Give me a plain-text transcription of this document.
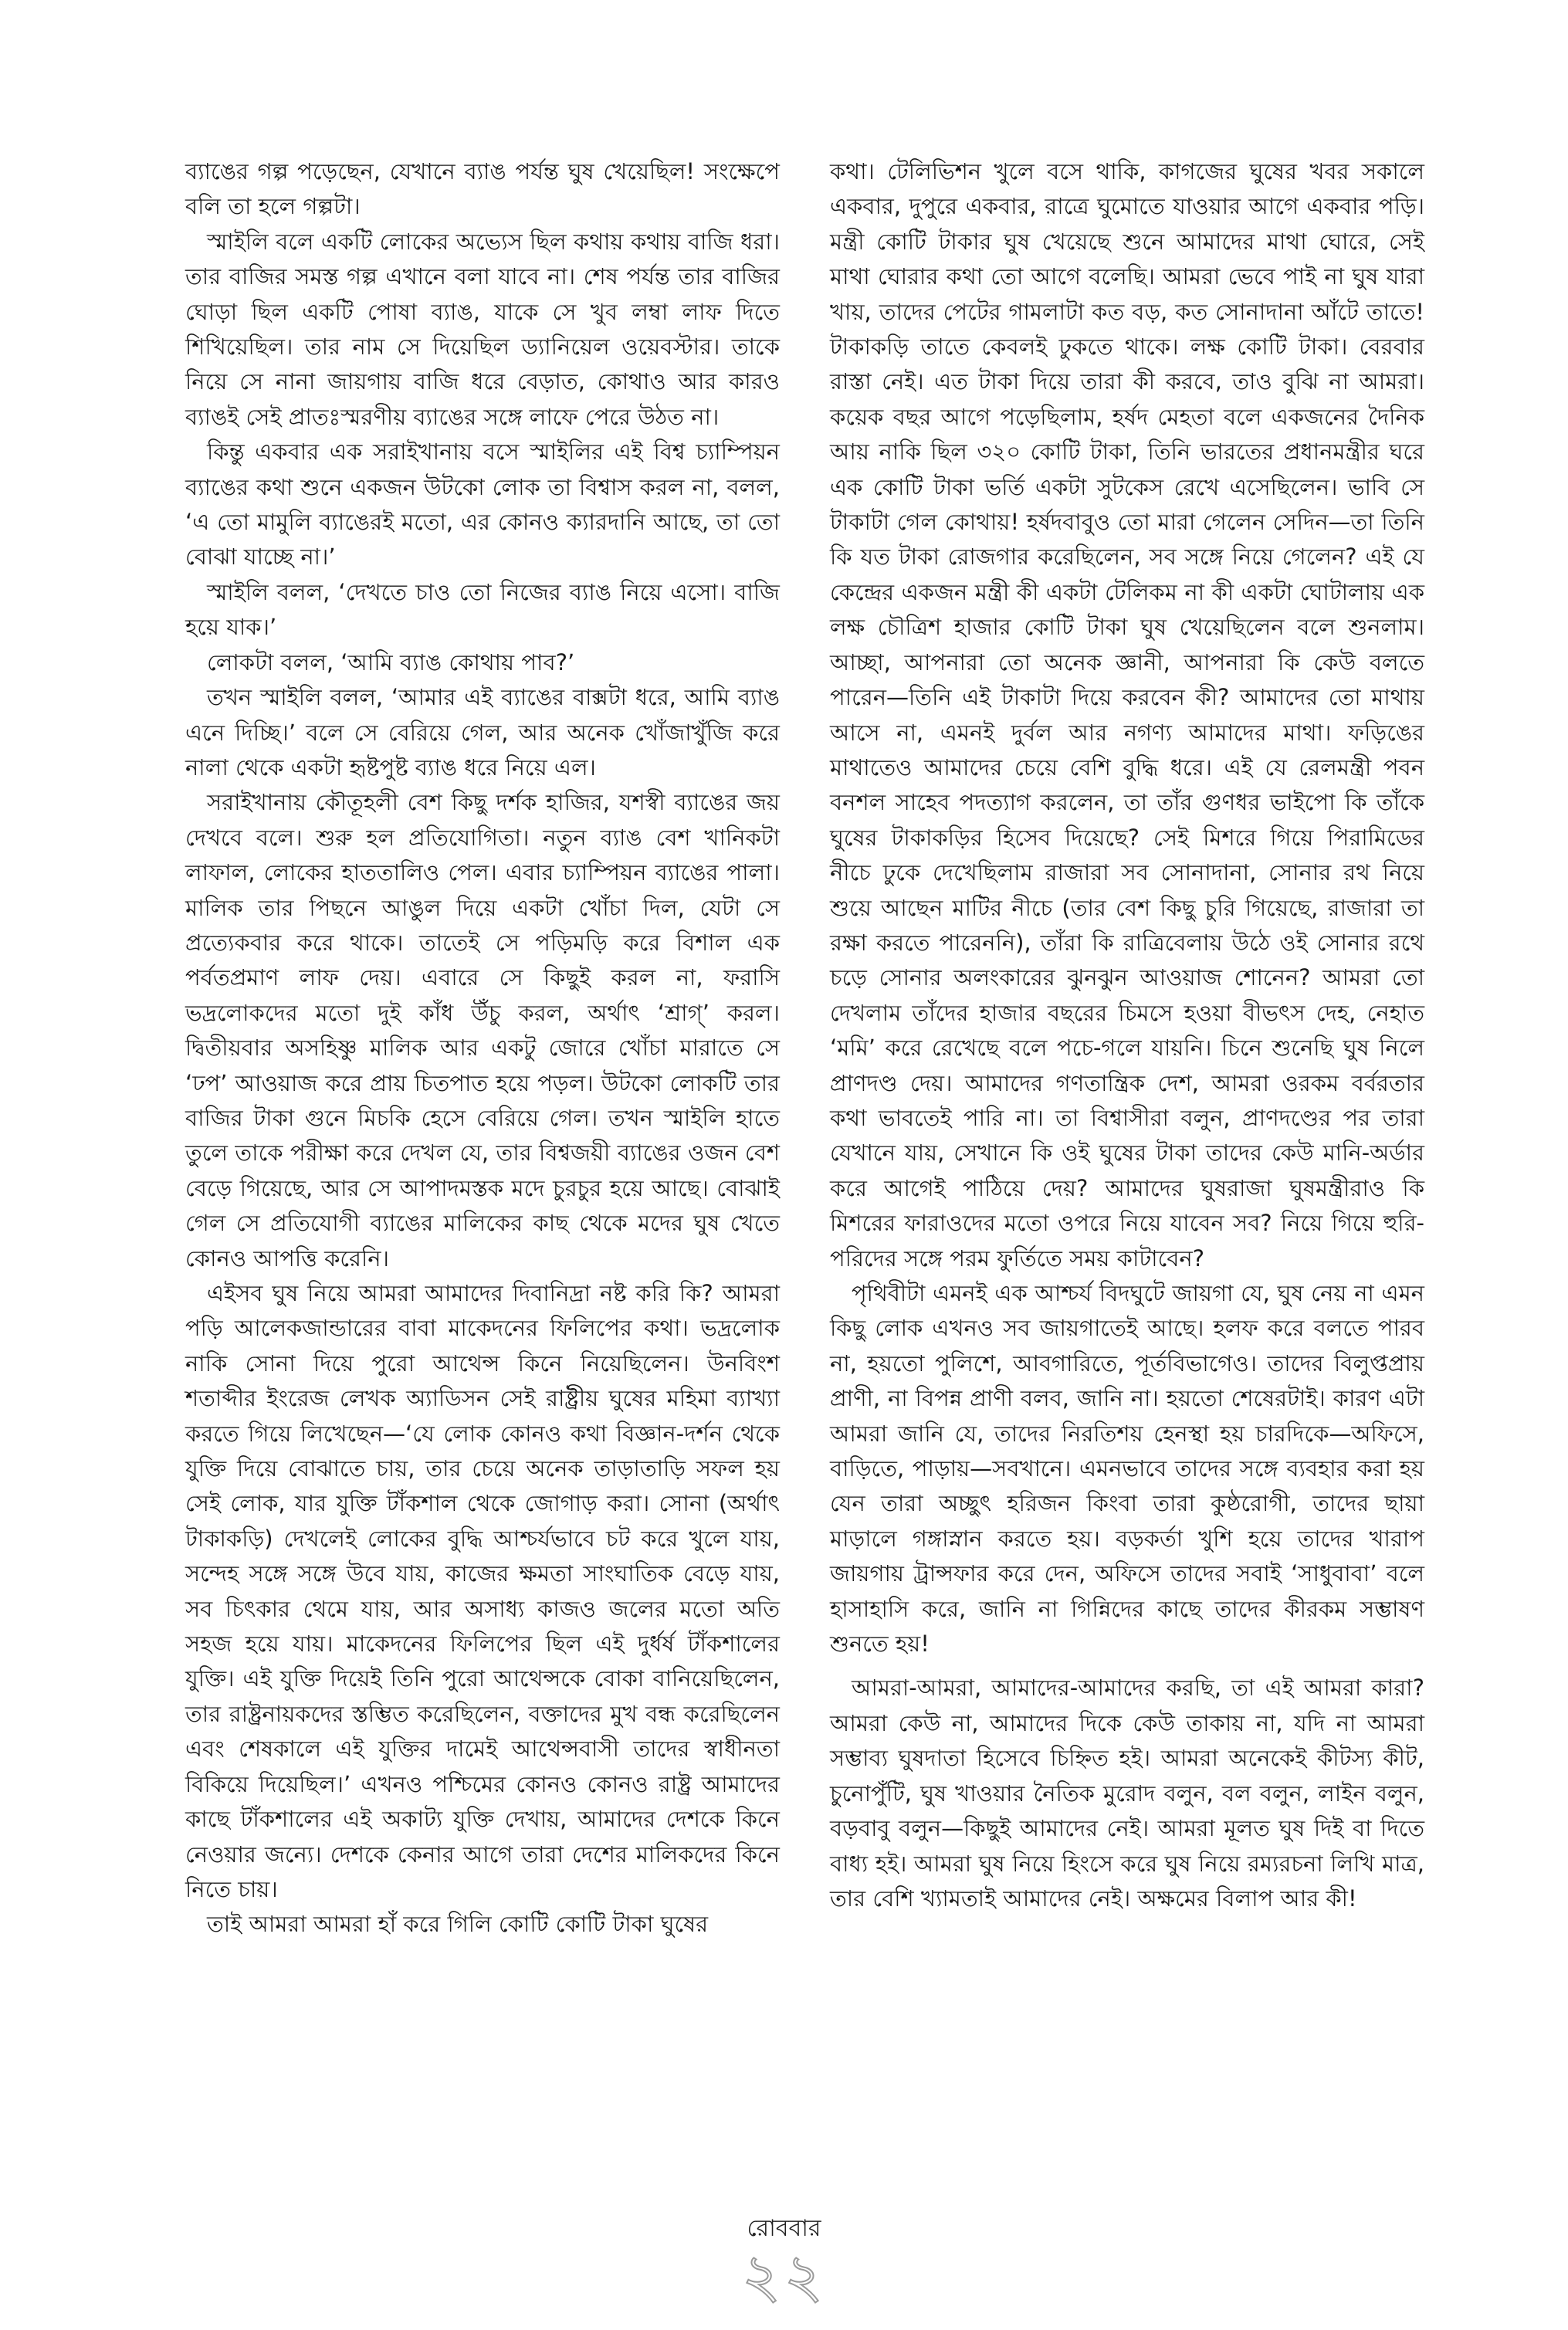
ব্যাঙের গল্প পড়েছেন, যেখানে ব্যাঙ পর্যন্ত ঘুষ খেয়েছিল! সংক্ষেপে বলি তা হলে গল্পটা।

স্মাইলি বলে একটি লোকের অভ্যেস ছিল কথায় কথায় বাজি ধরা। তার বাজির সমস্ত গল্প এখানে বলা যাবে না। শেষ পর্যন্ত তার বাজির ঘোড়া ছিল একটি পোষা ব্যাঙ, যাকে সে খুব লম্বা লাফ দিতে শিখিয়েছিল। তার নাম সে দিয়েছিল ড্যানিয়েল ওয়েবস্টার। তাকে নিয়ে সে নানা জায়গায় বাজি ধরে বেড়াত, কোথাও আর কারও ব্যাঙই সেই প্রাতঃস্মরণীয় ব্যাঙের সঙ্গে লাফে পেরে উঠত না।

কিন্তু একবার এক সরাইখানায় বসে স্মাইলির এই বিশ্ব চ্যাম্পিয়ন ব্যাঙের কথা শুনে একজন উটকো লোক তা বিশ্বাস করল না, বলল, ‘এ তো মামুলি ব্যাঙেরই মতো, এর কোনও ক্যারদানি আছে, তা তো বোঝা যাচ্ছে না।’

স্মাইলি বলল, ‘দেখতে চাও তো নিজের ব্যাঙ নিয়ে এসো। বাজি হয়ে যাক।’

লোকটা বলল, ‘আমি ব্যাঙ কোথায় পাব?’

তখন স্মাইলি বলল, ‘আমার এই ব্যাঙের বাক্সটা ধরে, আমি ব্যাঙ এনে দিচ্ছি।’ বলে সে বেরিয়ে গেল, আর অনেক খোঁজাখুঁজি করে নালা থেকে একটা হৃষ্টপুষ্ট ব্যাঙ ধরে নিয়ে এল।

সরাইখানায় কৌতূহলী বেশ কিছু দর্শক হাজির, যশস্বী ব্যাঙের জয় দেখবে বলে। শুরু হল প্রতিযোগিতা। নতুন ব্যাঙ বেশ খানিকটা লাফাল, লোকের হাততালিও পেল। এবার চ্যাম্পিয়ন ব্যাঙের পালা। মালিক তার পিছনে আঙুল দিয়ে একটা খোঁচা দিল, যেটা সে প্রত্যেকবার করে থাকে। তাতেই সে পড়িমড়ি করে বিশাল এক পর্বতপ্রমাণ লাফ দেয়। এবারে সে কিছুই করল না, ফরাসি ভদ্রলোকদের মতো দুই কাঁধ উঁচু করল, অর্থাৎ ‘শ্রাগ্’ করল। দ্বিতীয়বার অসহিষ্ণু মালিক আর একটু জোরে খোঁচা মারাতে সে ‘ঢপ’ আওয়াজ করে প্রায় চিতপাত হয়ে পড়ল। উটকো লোকটি তার বাজির টাকা গুনে মিচকি হেসে বেরিয়ে গেল। তখন স্মাইলি হাতে তুলে তাকে পরীক্ষা করে দেখল যে, তার বিশ্বজয়ী ব্যাঙের ওজন বেশ বেড়ে গিয়েছে, আর সে আপাদমস্তক মদে চুরচুর হয়ে আছে। বোঝাই গেল সে প্রতিযোগী ব্যাঙের মালিকের কাছ থেকে মদের ঘুষ খেতে কোনও আপত্তি করেনি।

এইসব ঘুষ নিয়ে আমরা আমাদের দিবানিদ্রা নষ্ট করি কি? আমরা পড়ি আলেকজান্ডারের বাবা মাকেদনের ফিলিপের কথা। ভদ্রলোক নাকি সোনা দিয়ে পুরো আথেন্স কিনে নিয়েছিলেন। উনবিংশ শতাব্দীর ইংরেজ লেখক অ্যাডিসন সেই রাষ্ট্রীয় ঘুষের মহিমা ব্যাখ্যা করতে গিয়ে লিখেছেন—‘যে লোক কোনও কথা বিজ্ঞান-দর্শন থেকে যুক্তি দিয়ে বোঝাতে চায়, তার চেয়ে অনেক তাড়াতাড়ি সফল হয় সেই লোক, যার যুক্তি টাঁকশাল থেকে জোগাড় করা। সোনা (অর্থাৎ টাকাকড়ি) দেখলেই লোকের বুদ্ধি আশ্চর্যভাবে চট করে খুলে যায়, সন্দেহ সঙ্গে সঙ্গে উবে যায়, কাজের ক্ষমতা সাংঘাতিক বেড়ে যায়, সব চিৎকার থেমে যায়, আর অসাধ্য কাজও জলের মতো অতি সহজ হয়ে যায়। মাকেদনের ফিলিপের ছিল এই দুর্ধর্ষ টাঁকশালের যুক্তি। এই যুক্তি দিয়েই তিনি পুরো আথেন্সকে বোকা বানিয়েছিলেন, তার রাষ্ট্রনায়কদের স্তম্ভিত করেছিলেন, বক্তাদের মুখ বন্ধ করেছিলেন এবং শেষকালে এই যুক্তির দামেই আথেন্সবাসী তাদের স্বাধীনতা বিকিয়ে দিয়েছিল।’ এখনও পশ্চিমের কোনও কোনও রাষ্ট্র আমাদের কাছে টাঁকশালের এই অকাট্য যুক্তি দেখায়, আমাদের দেশকে কিনে নেওয়ার জন্যে। দেশকে কেনার আগে তারা দেশের মালিকদের কিনে নিতে চায়।

তাই আমরা আমরা হাঁ করে গিলি কোটি কোটি টাকা ঘুষের

কথা। টেলিভিশন খুলে বসে থাকি, কাগজের ঘুষের খবর সকালে একবার, দুপুরে একবার, রাত্রে ঘুমোতে যাওয়ার আগে একবার পড়ি। মন্ত্রী কোটি টাকার ঘুষ খেয়েছে শুনে আমাদের মাথা ঘোরে, সেই মাথা ঘোরার কথা তো আগে বলেছি। আমরা ভেবে পাই না ঘুষ যারা খায়, তাদের পেটের গামলাটা কত বড়, কত সোনাদানা আঁটে তাতে! টাকাকড়ি তাতে কেবলই ঢুকতে থাকে। লক্ষ কোটি টাকা। বেরবার রাস্তা নেই। এত টাকা দিয়ে তারা কী করবে, তাও বুঝি না আমরা। কয়েক বছর আগে পড়েছিলাম, হর্ষদ মেহতা বলে একজনের দৈনিক আয় নাকি ছিল ৩২০ কোটি টাকা, তিনি ভারতের প্রধানমন্ত্রীর ঘরে এক কোটি টাকা ভর্তি একটা সুটকেস রেখে এসেছিলেন। ভাবি সে টাকাটা গেল কোথায়! হর্ষদবাবুও তো মারা গেলেন সেদিন—তা তিনি কি যত টাকা রোজগার করেছিলেন, সব সঙ্গে নিয়ে গেলেন? এই যে কেন্দ্রের একজন মন্ত্রী কী একটা টেলিকম না কী একটা ঘোটালায় এক লক্ষ চৌত্রিশ হাজার কোটি টাকা ঘুষ খেয়েছিলেন বলে শুনলাম। আচ্ছা, আপনারা তো অনেক জ্ঞানী, আপনারা কি কেউ বলতে পারেন—তিনি এই টাকাটা দিয়ে করবেন কী? আমাদের তো মাথায় আসে না, এমনই দুর্বল আর নগণ্য আমাদের মাথা। ফড়িঙের মাথাতেও আমাদের চেয়ে বেশি বুদ্ধি ধরে। এই যে রেলমন্ত্রী পবন বনশল সাহেব পদত্যাগ করলেন, তা তাঁর গুণধর ভাইপো কি তাঁকে ঘুষের টাকাকড়ির হিসেব দিয়েছে? সেই মিশরে গিয়ে পিরামিডের নীচে ঢুকে দেখেছিলাম রাজারা সব সোনাদানা, সোনার রথ নিয়ে শুয়ে আছেন মাটির নীচে (তার বেশ কিছু চুরি গিয়েছে, রাজারা তা রক্ষা করতে পারেননি), তাঁরা কি রাত্রিবেলায় উঠে ওই সোনার রথে চড়ে সোনার অলংকারের ঝুনঝুন আওয়াজ শোনেন? আমরা তো দেখলাম তাঁদের হাজার বছরের চিমসে হওয়া বীভৎস দেহ, নেহাত ‘মমি’ করে রেখেছে বলে পচে-গলে যায়নি। চিনে শুনেছি ঘুষ নিলে প্রাণদণ্ড দেয়। আমাদের গণতান্ত্রিক দেশ, আমরা ওরকম বর্বরতার কথা ভাবতেই পারি না। তা বিশ্বাসীরা বলুন, প্রাণদণ্ডের পর তারা যেখানে যায়, সেখানে কি ওই ঘুষের টাকা তাদের কেউ মানি-অর্ডার করে আগেই পাঠিয়ে দেয়? আমাদের ঘুষরাজা ঘুষমন্ত্রীরাও কি মিশরের ফারাওদের মতো ওপরে নিয়ে যাবেন সব? নিয়ে গিয়ে হুরি-পরিদের সঙ্গে পরম ফুর্তিতে সময় কাটাবেন?

পৃথিবীটা এমনই এক আশ্চর্য বিদঘুটে জায়গা যে, ঘুষ নেয় না এমন কিছু লোক এখনও সব জায়গাতেই আছে। হলফ করে বলতে পারব না, হয়তো পুলিশে, আবগারিতে, পূর্তবিভাগেও। তাদের বিলুপ্তপ্রায় প্রাণী, না বিপন্ন প্রাণী বলব, জানি না। হয়তো শেষেরটাই। কারণ এটা আমরা জানি যে, তাদের নিরতিশয় হেনস্থা হয় চারদিকে—অফিসে, বাড়িতে, পাড়ায়—সবখানে। এমনভাবে তাদের সঙ্গে ব্যবহার করা হয় যেন তারা অচ্ছুৎ হরিজন কিংবা তারা কুষ্ঠরোগী, তাদের ছায়া মাড়ালে গঙ্গাস্নান করতে হয়। বড়কর্তা খুশি হয়ে তাদের খারাপ জায়গায় ট্রান্সফার করে দেন, অফিসে তাদের সবাই ‘সাধুবাবা’ বলে হাসাহাসি করে, জানি না গিন্নিদের কাছে তাদের কীরকম সম্ভাষণ শুনতে হয়!

আমরা-আমরা, আমাদের-আমাদের করছি, তা এই আমরা কারা? আমরা কেউ না, আমাদের দিকে কেউ তাকায় না, যদি না আমরা সম্ভাব্য ঘুষদাতা হিসেবে চিহ্নিত হই। আমরা অনেকেই কীটস্য কীট, চুনোপুঁটি, ঘুষ খাওয়ার নৈতিক মুরোদ বলুন, বল বলুন, লাইন বলুন, বড়বাবু বলুন—কিছুই আমাদের নেই। আমরা মূলত ঘুষ দিই বা দিতে বাধ্য হই। আমরা ঘুষ নিয়ে হিংসে করে ঘুষ নিয়ে রম্যরচনা লিখি মাত্র, তার বেশি খ্যামতাই আমাদের নেই। অক্ষমের বিলাপ আর কী!

রোববার
২২
